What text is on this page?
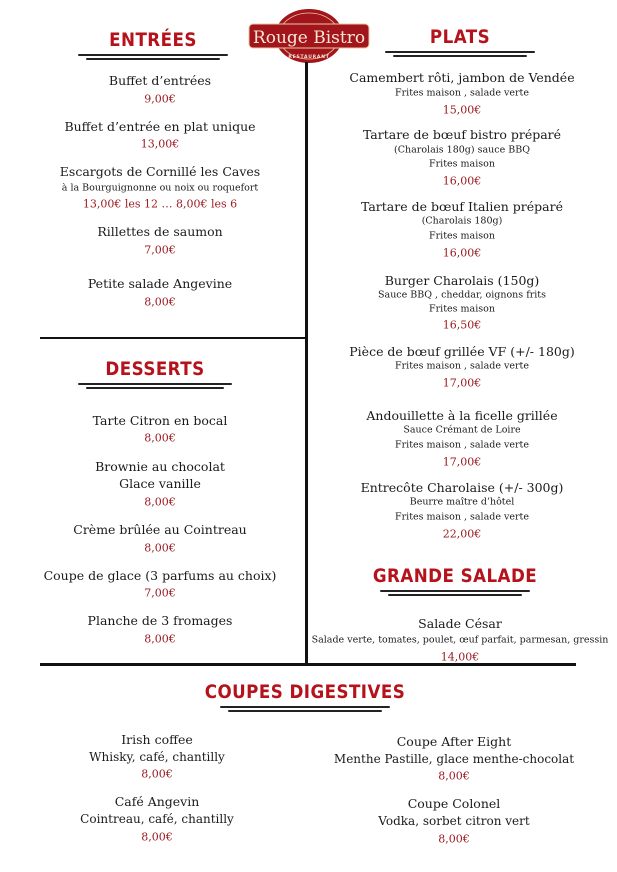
Rouge Bistro
RESTAURANT
ENTRÉES
Buffet d’entrées
9,00€
Buffet d’entrée en plat unique
13,00€
Escargots de Cornillé les Caves
à la Bourguignonne ou noix ou roquefort
13,00€ les 12 … 8,00€ les 6
Rillettes de saumon
7,00€
Petite salade Angevine
8,00€
DESSERTS
Tarte Citron en bocal
8,00€
Brownie au chocolat
Glace vanille
8,00€
Crème brûlée au Cointreau
8,00€
Coupe de glace (3 parfums au choix)
7,00€
Planche de 3 fromages
8,00€
PLATS
Camembert rôti, jambon de Vendée
Frites maison , salade verte
15,00€
Tartare de bœuf bistro préparé
(Charolais 180g) sauce BBQ
Frites maison
16,00€
Tartare de bœuf Italien préparé
(Charolais 180g)
Frites maison
16,00€
Burger Charolais (150g)
Sauce BBQ , cheddar, oignons frits
Frites maison
16,50€
Pièce de bœuf grillée VF (+/- 180g)
Frites maison , salade verte
17,00€
Andouillette à la ficelle grillée
Sauce Crémant de Loire
Frites maison , salade verte
17,00€
Entrecôte Charolaise (+/- 300g)
Beurre maître d’hôtel
Frites maison , salade verte
22,00€
GRANDE SALADE
Salade César
Salade verte, tomates, poulet, œuf parfait, parmesan, gressin
14,00€
COUPES DIGESTIVES
Irish coffee
Whisky, café, chantilly
8,00€
Café Angevin
Cointreau, café, chantilly
8,00€
Coupe After Eight
Menthe Pastille, glace menthe-chocolat
8,00€
Coupe Colonel
Vodka, sorbet citron vert
8,00€
